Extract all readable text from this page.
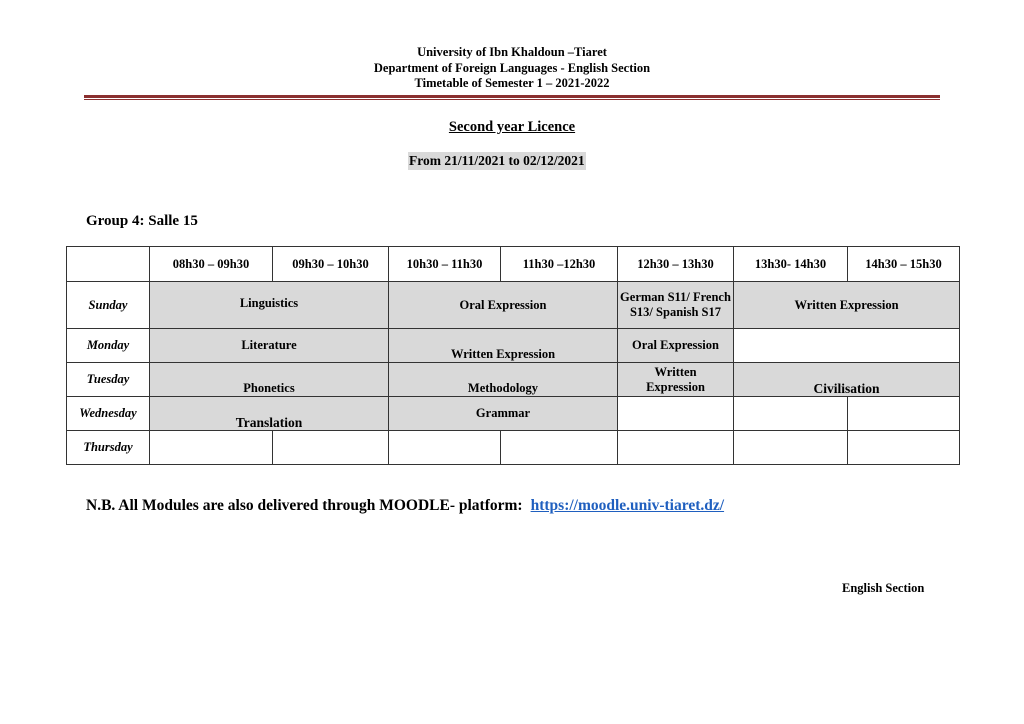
University of Ibn Khaldoun –Tiaret
Department of Foreign Languages - English Section
Timetable of Semester 1 – 2021-2022
Second year Licence
From 21/11/2021 to 02/12/2021
Group 4: Salle 15
	08h30 – 09h30	09h30 – 10h30	10h30 – 11h30	11h30 –12h30	12h30 – 13h30	13h30- 14h30	14h30 – 15h30
Sunday	Linguistics		Oral Expression		German S11/ French S13/ Spanish S17	Written Expression	
Monday	Literature		Written Expression		Oral Expression		
Tuesday	Phonetics		Methodology		Written Expression	Civilisation	
Wednesday	Translation		Grammar				
Thursday							
N.B. All Modules are also delivered through MOODLE- platform: https://moodle.univ-tiaret.dz/
English Section
